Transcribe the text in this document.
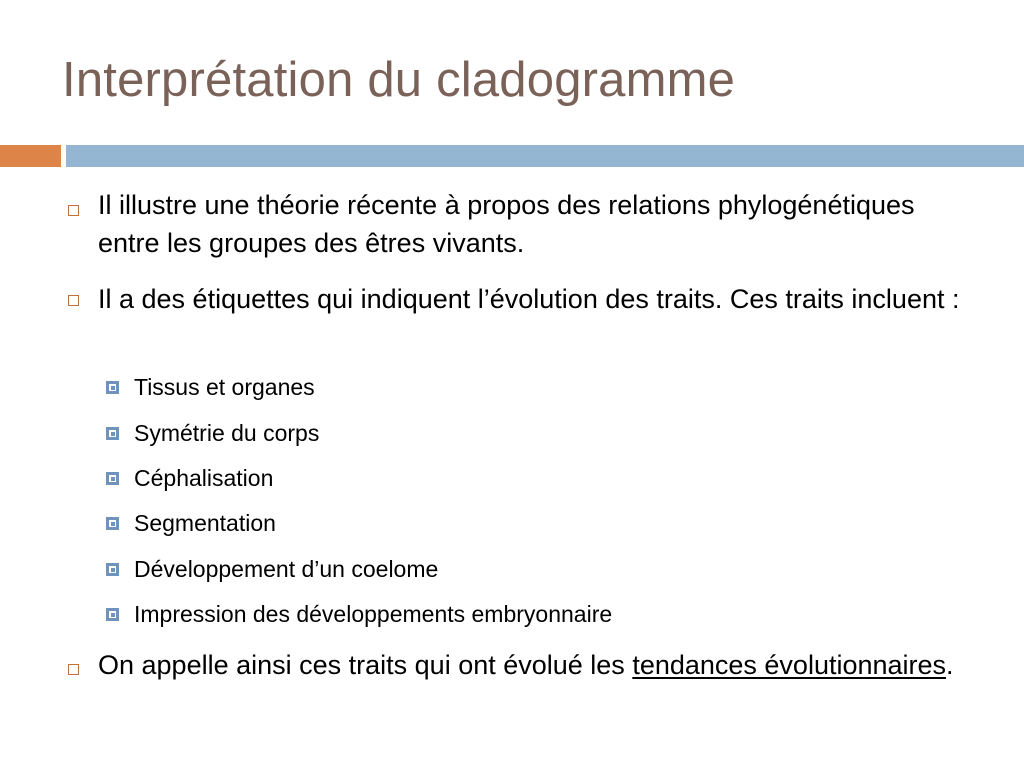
Interprétation du cladogramme
Il illustre une théorie récente à propos des relations phylogénétiques entre les groupes des êtres vivants.
Il a des étiquettes qui indiquent l’évolution des traits. Ces traits incluent :
Tissus et organes
Symétrie du corps
Céphalisation
Segmentation
Développement d’un coelome
Impression des développements embryonnaire
On appelle ainsi ces traits qui ont évolué les tendances évolutionnaires.
